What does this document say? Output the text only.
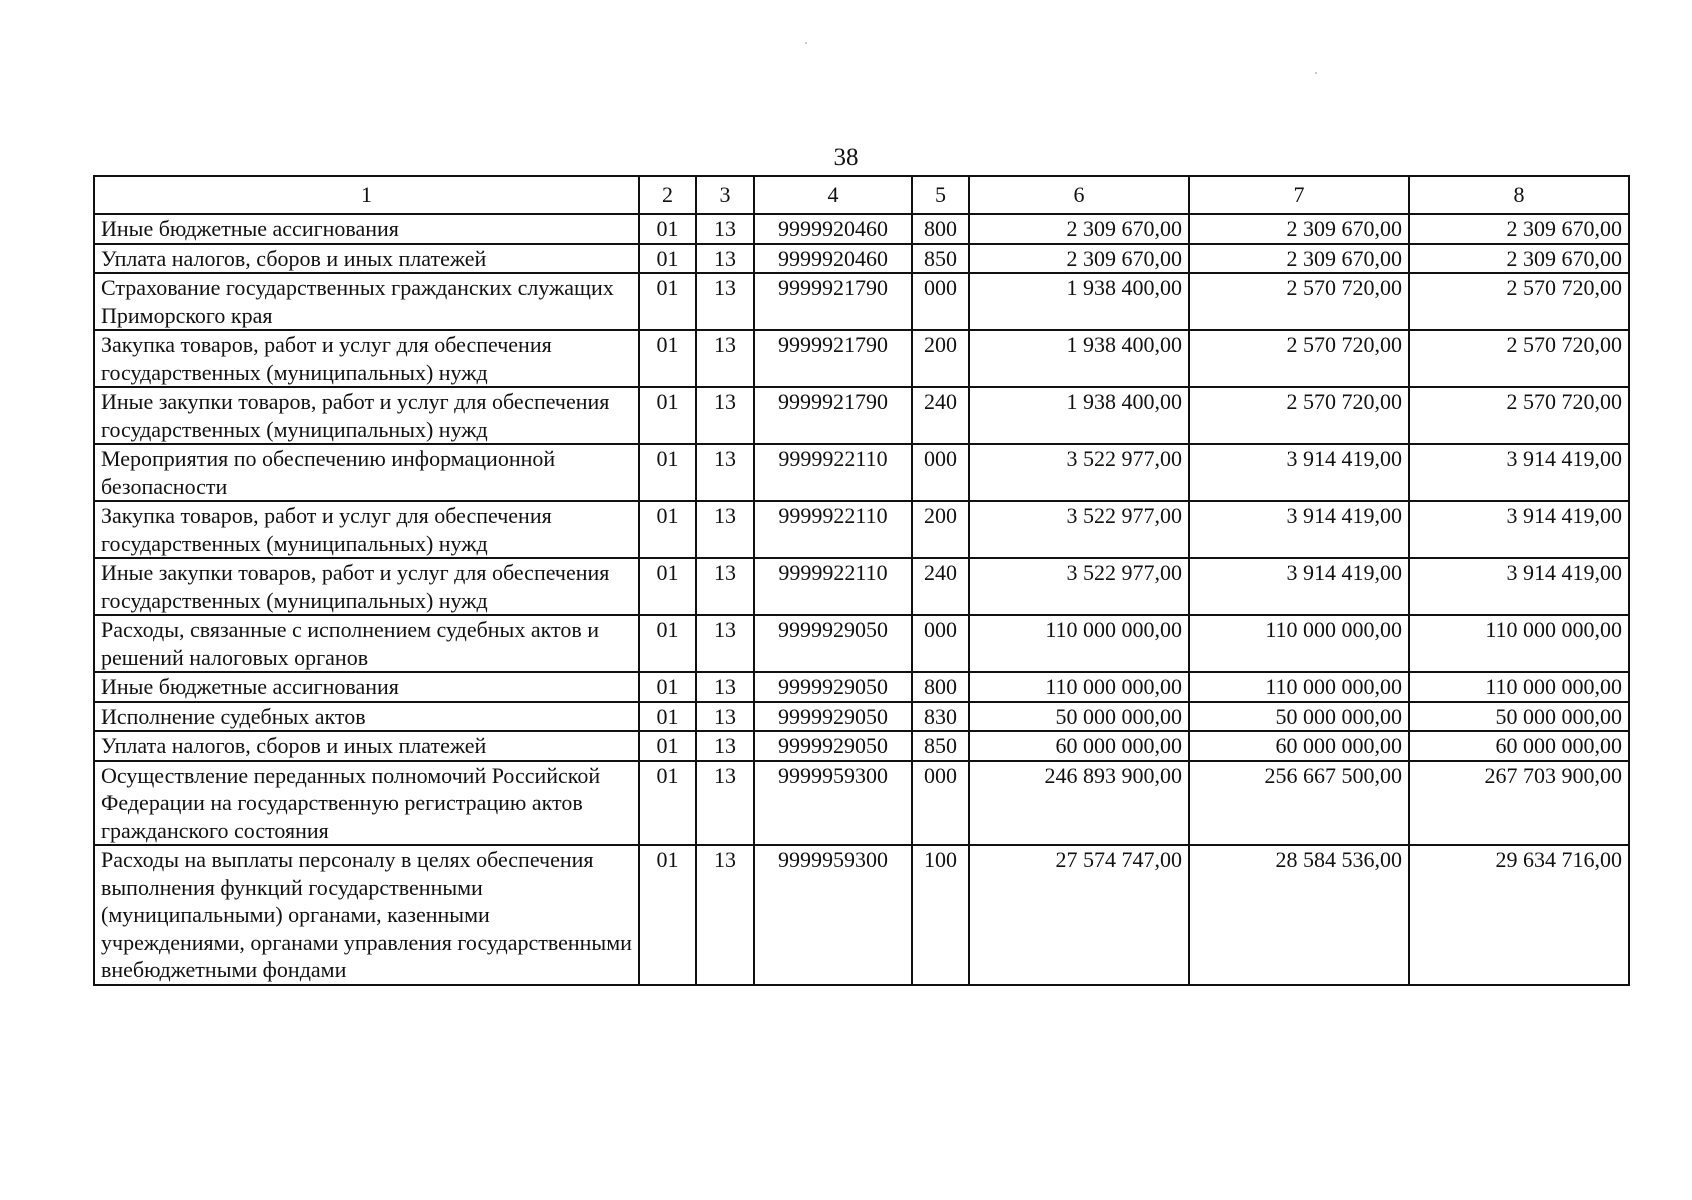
38
1	2	3	4	5	6	7	8
Иные бюджетные ассигнования	01	13	9999920460	800	2 309 670,00	2 309 670,00	2 309 670,00
Уплата налогов, сборов и иных платежей	01	13	9999920460	850	2 309 670,00	2 309 670,00	2 309 670,00
Страхование государственных гражданских служащих Приморского края	01	13	9999921790	000	1 938 400,00	2 570 720,00	2 570 720,00
Закупка товаров, работ и услуг для обеспечения государственных (муниципальных) нужд	01	13	9999921790	200	1 938 400,00	2 570 720,00	2 570 720,00
Иные закупки товаров, работ и услуг для обеспечения государственных (муниципальных) нужд	01	13	9999921790	240	1 938 400,00	2 570 720,00	2 570 720,00
Мероприятия по обеспечению информационной безопасности	01	13	9999922110	000	3 522 977,00	3 914 419,00	3 914 419,00
Закупка товаров, работ и услуг для обеспечения государственных (муниципальных) нужд	01	13	9999922110	200	3 522 977,00	3 914 419,00	3 914 419,00
Иные закупки товаров, работ и услуг для обеспечения государственных (муниципальных) нужд	01	13	9999922110	240	3 522 977,00	3 914 419,00	3 914 419,00
Расходы, связанные с исполнением судебных актов и решений налоговых органов	01	13	9999929050	000	110 000 000,00	110 000 000,00	110 000 000,00
Иные бюджетные ассигнования	01	13	9999929050	800	110 000 000,00	110 000 000,00	110 000 000,00
Исполнение судебных актов	01	13	9999929050	830	50 000 000,00	50 000 000,00	50 000 000,00
Уплата налогов, сборов и иных платежей	01	13	9999929050	850	60 000 000,00	60 000 000,00	60 000 000,00
Осуществление переданных полномочий Российской Федерации на государственную регистрацию актов гражданского состояния	01	13	9999959300	000	246 893 900,00	256 667 500,00	267 703 900,00
Расходы на выплаты персоналу в целях обеспечения выполнения функций государственными (муниципальными) органами, казенными учреждениями, органами управления государственными внебюджетными фондами	01	13	9999959300	100	27 574 747,00	28 584 536,00	29 634 716,00
